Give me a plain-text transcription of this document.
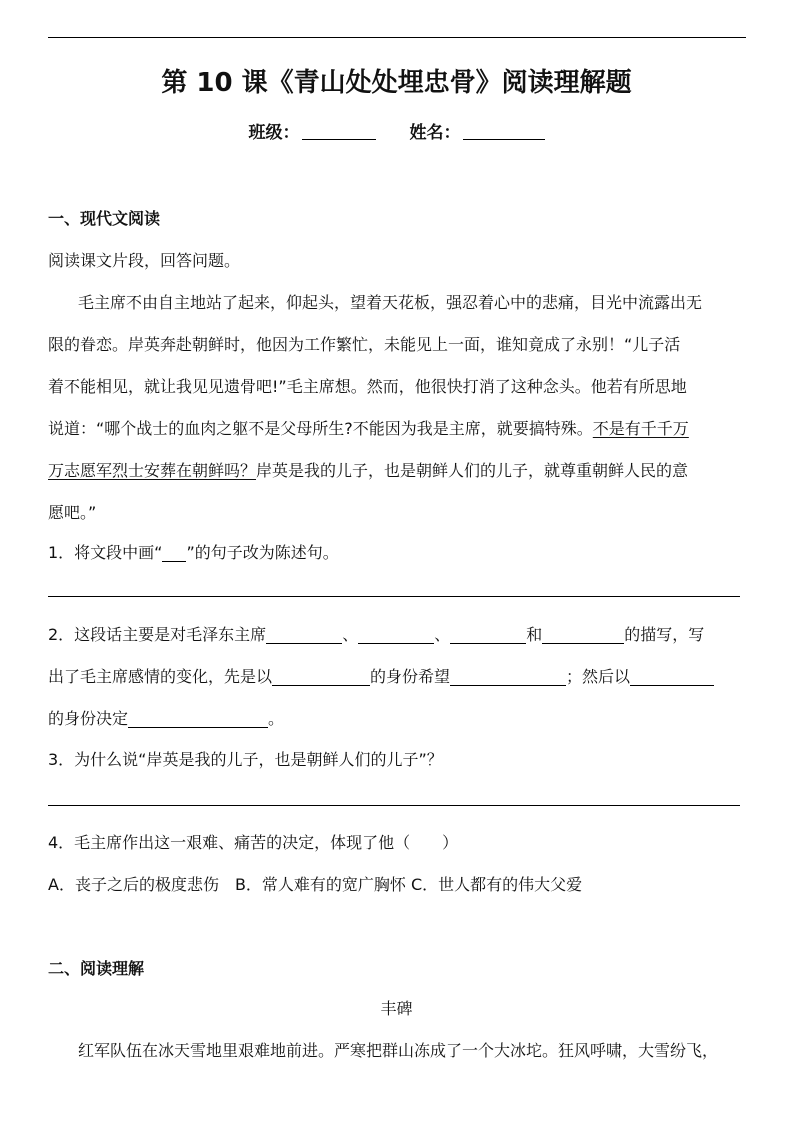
第 10 课《青山处处埋忠骨》阅读理解题
班级：	姓名：
一、现代文阅读
阅读课文片段，回答问题。
毛主席不由自主地站了起来，仰起头，望着天花板，强忍着心中的悲痛，目光中流露出无
限的眷恋。岸英奔赴朝鲜时，他因为工作繁忙，未能见上一面，谁知竟成了永别！“儿子活
着不能相见，就让我见见遗骨吧!”毛主席想。然而，他很快打消了这种念头。他若有所思地
说道：“哪个战士的血肉之躯不是父母所生?不能因为我是主席，就要搞特殊。不是有千千万
万志愿军烈士安葬在朝鲜吗？岸英是我的儿子，也是朝鲜人们的儿子，就尊重朝鲜人民的意
愿吧。”
1．将文段中画“ ”的句子改为陈述句。
2．这段话主要是对毛泽东主席	、	、	和	的描写，写
出了毛主席感情的变化，先是以	的身份希望	；然后以
的身份决定	。
3．为什么说“岸英是我的儿子，也是朝鲜人们的儿子”？
4．毛主席作出这一艰难、痛苦的决定，体现了他（　　）
A．丧子之后的极度悲伤　B．常人难有的宽广胸怀 C．世人都有的伟大父爱
二、阅读理解
丰碑
红军队伍在冰天雪地里艰难地前进。严寒把群山冻成了一个大冰坨。狂风呼啸，大雪纷飞，
